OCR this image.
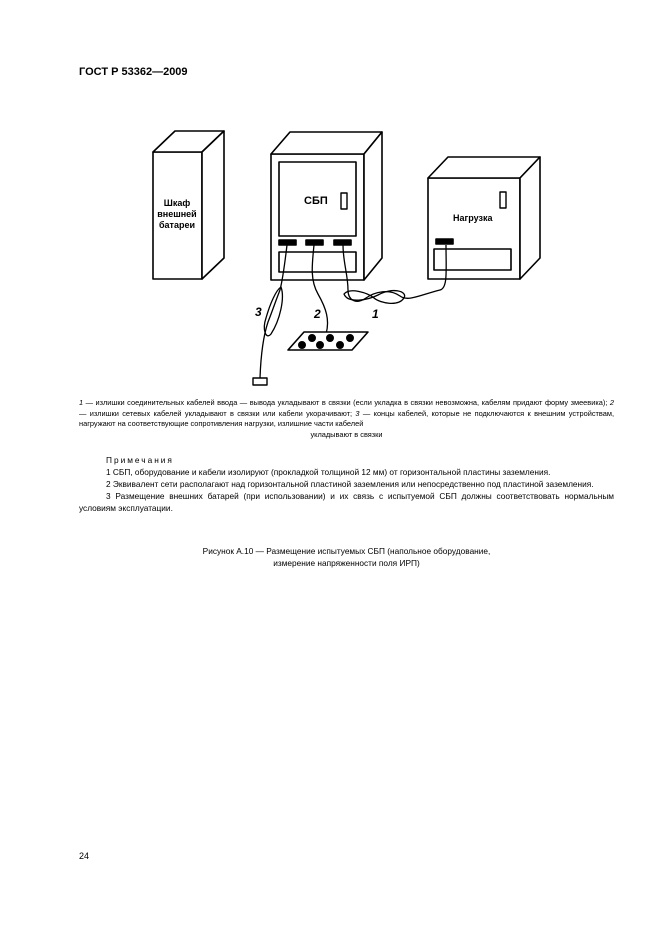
ГОСТ Р 53362—2009
Шкаф
внешней
батареи
СБП
Нагрузка
1
2
3

1 — излишки соединительных кабелей ввода — вывода укладывают в связки (если укладка в связки невозможна, кабелям придают форму змеевика); 2 — излишки сетевых кабелей укладывают в связки или кабели укорачивают; 3 — концы кабелей, которые не подключаются к внешним устройствам, нагружают на соответствующие сопротивления нагрузки, излишние части кабелей

укладывают в связки

Примечания

1 СБП, оборудование и кабели изолируют (прокладкой толщиной 12 мм) от горизонтальной пластины заземления.

2 Эквивалент сети располагают над горизонтальной пластиной заземления или непосредственно под пластиной заземления.

3 Размещение внешних батарей (при использовании) и их связь с испытуемой СБП должны соответствовать нормальным условиям эксплуатации.

Рисунок А.10 — Размещение испытуемых СБП (напольное оборудование,
измерение напряженности поля ИРП)
24
